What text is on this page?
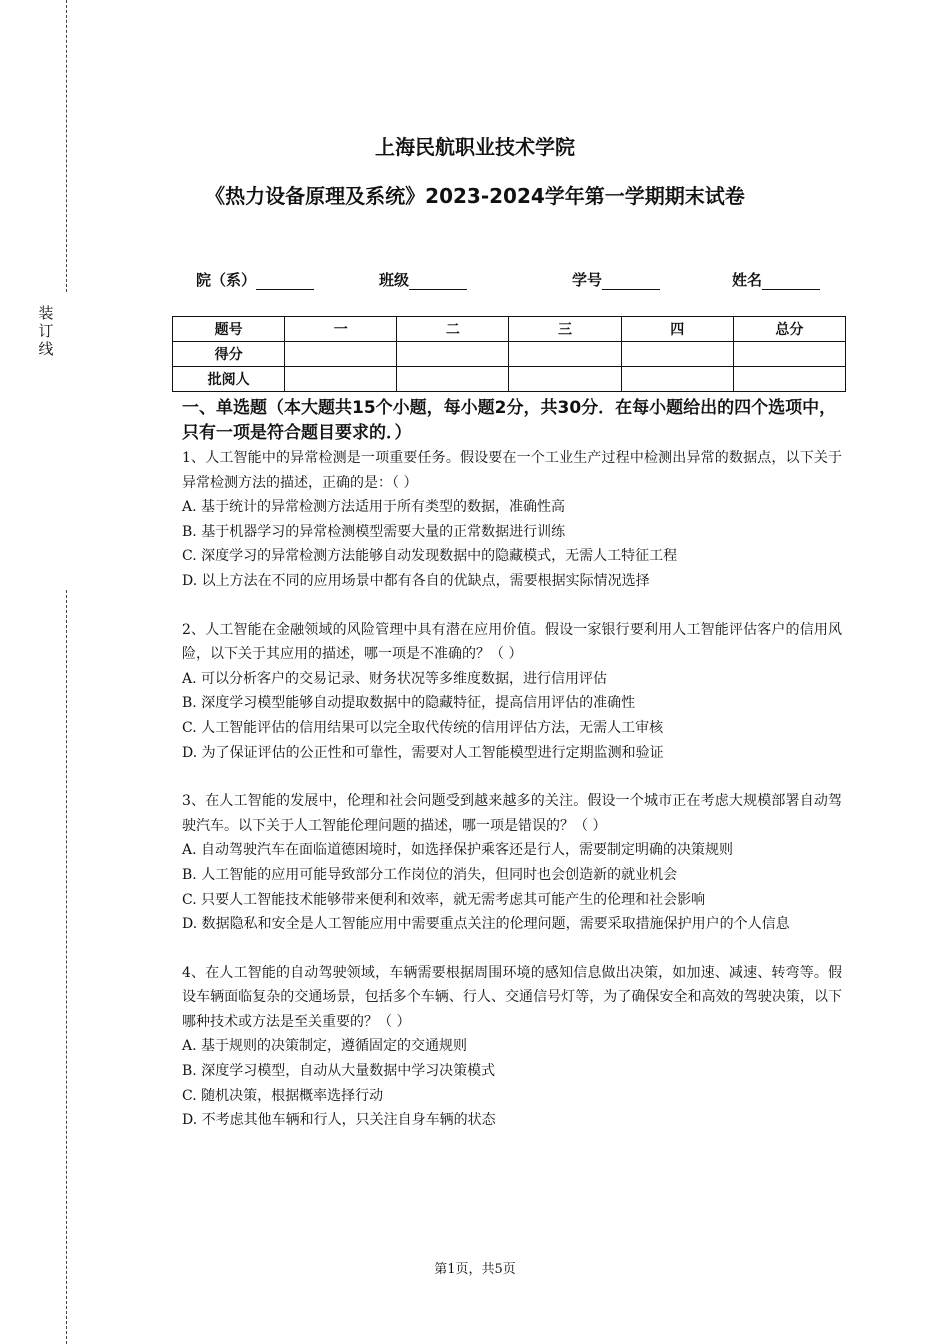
装
订
线
上海民航职业技术学院
《热力设备原理及系统》2023-2024学年第一学期期末试卷
院（系）	班级	学号	姓名
题号	一	二	三	四	总分
得分					
批阅人					
一、单选题（本大题共15个小题，每小题2分，共30分．在每小题给出的四个选项中，只有一项是符合题目要求的．）

1、人工智能中的异常检测是一项重要任务。假设要在一个工业生产过程中检测出异常的数据点，以下关于异常检测方法的描述，正确的是：（ ）

A. 基于统计的异常检测方法适用于所有类型的数据，准确性高

B. 基于机器学习的异常检测模型需要大量的正常数据进行训练

C. 深度学习的异常检测方法能够自动发现数据中的隐藏模式，无需人工特征工程

D. 以上方法在不同的应用场景中都有各自的优缺点，需要根据实际情况选择

2、人工智能在金融领域的风险管理中具有潜在应用价值。假设一家银行要利用人工智能评估客户的信用风险，以下关于其应用的描述，哪一项是不准确的？（ ）

A. 可以分析客户的交易记录、财务状况等多维度数据，进行信用评估

B. 深度学习模型能够自动提取数据中的隐藏特征，提高信用评估的准确性

C. 人工智能评估的信用结果可以完全取代传统的信用评估方法，无需人工审核

D. 为了保证评估的公正性和可靠性，需要对人工智能模型进行定期监测和验证

3、在人工智能的发展中，伦理和社会问题受到越来越多的关注。假设一个城市正在考虑大规模部署自动驾驶汽车。以下关于人工智能伦理问题的描述，哪一项是错误的？（ ）

A. 自动驾驶汽车在面临道德困境时，如选择保护乘客还是行人，需要制定明确的决策规则

B. 人工智能的应用可能导致部分工作岗位的消失，但同时也会创造新的就业机会

C. 只要人工智能技术能够带来便利和效率，就无需考虑其可能产生的伦理和社会影响

D. 数据隐私和安全是人工智能应用中需要重点关注的伦理问题，需要采取措施保护用户的个人信息

4、在人工智能的自动驾驶领域，车辆需要根据周围环境的感知信息做出决策，如加速、减速、转弯等。假设车辆面临复杂的交通场景，包括多个车辆、行人、交通信号灯等，为了确保安全和高效的驾驶决策，以下哪种技术或方法是至关重要的？（ ）

A. 基于规则的决策制定，遵循固定的交通规则

B. 深度学习模型，自动从大量数据中学习决策模式

C. 随机决策，根据概率选择行动

D. 不考虑其他车辆和行人，只关注自身车辆的状态

第1页，共5页
